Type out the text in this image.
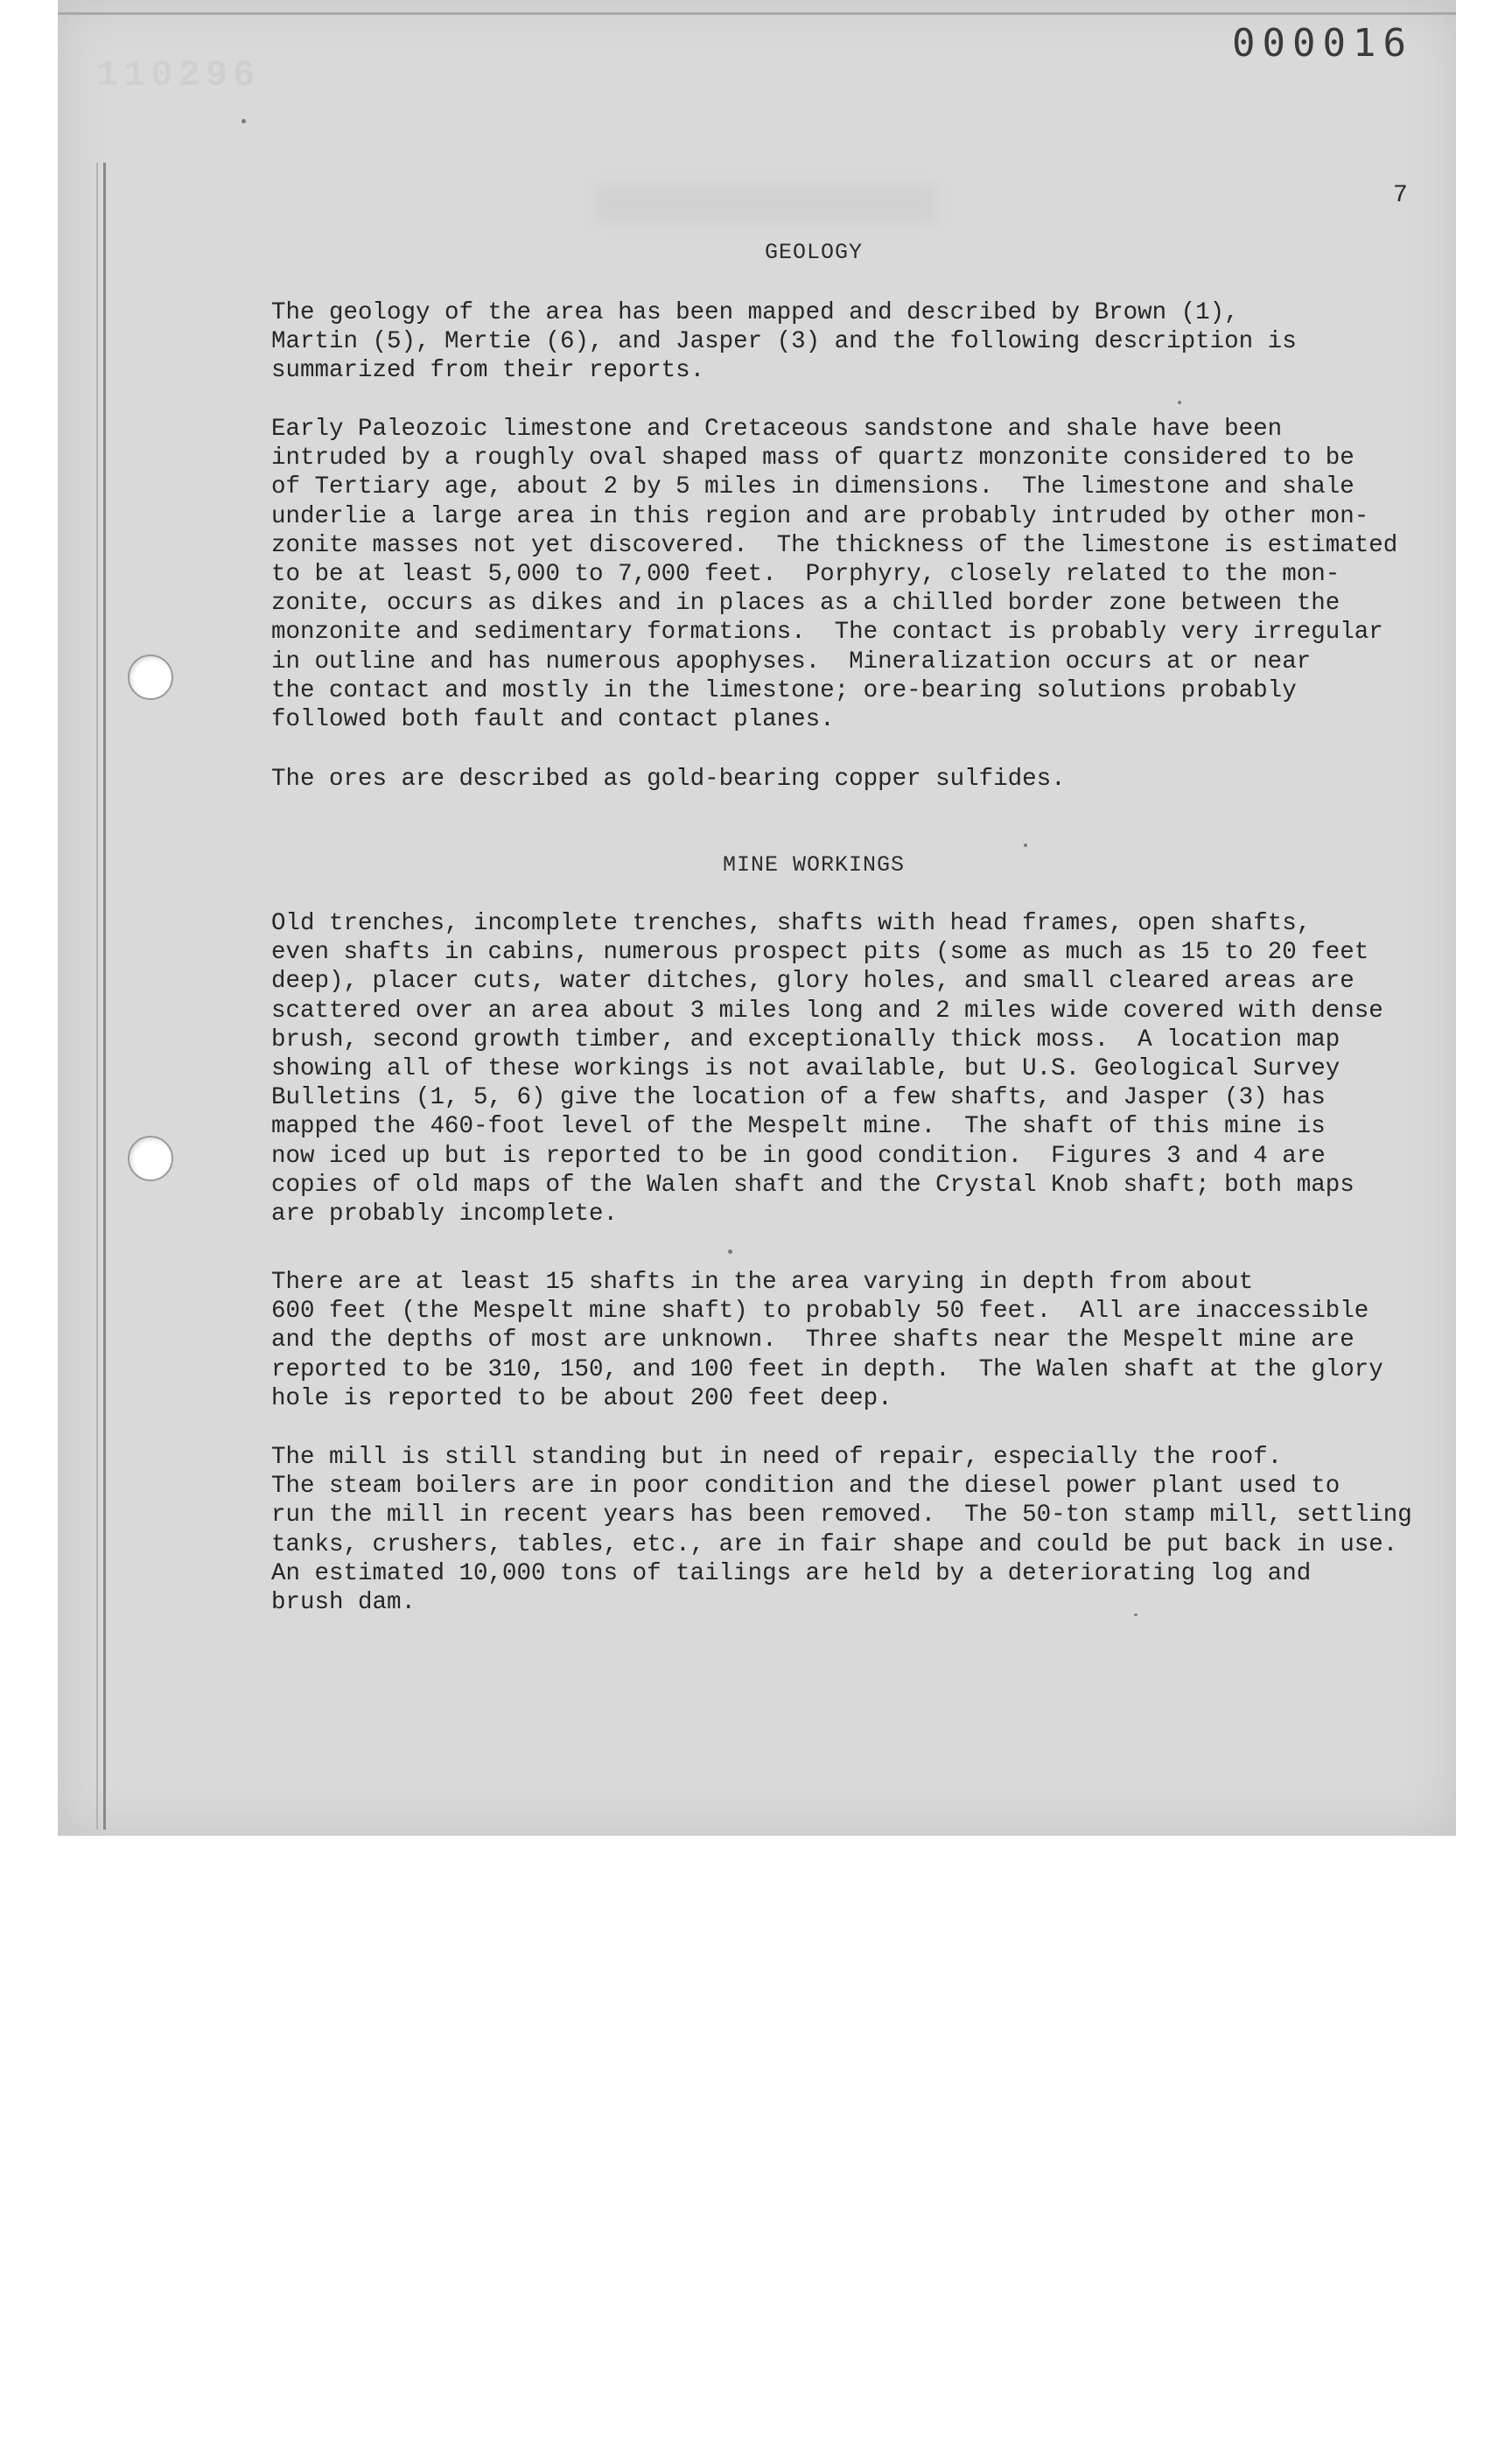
110296
000016
7
GEOLOGY
The geology of the area has been mapped and described by Brown (1),
Martin (5), Mertie (6), and Jasper (3) and the following description is
summarized from their reports.
Early Paleozoic limestone and Cretaceous sandstone and shale have been
intruded by a roughly oval shaped mass of quartz monzonite considered to be
of Tertiary age, about 2 by 5 miles in dimensions.  The limestone and shale
underlie a large area in this region and are probably intruded by other mon-
zonite masses not yet discovered.  The thickness of the limestone is estimated
to be at least 5,000 to 7,000 feet.  Porphyry, closely related to the mon-
zonite, occurs as dikes and in places as a chilled border zone between the
monzonite and sedimentary formations.  The contact is probably very irregular
in outline and has numerous apophyses.  Mineralization occurs at or near
the contact and mostly in the limestone; ore-bearing solutions probably
followed both fault and contact planes.
The ores are described as gold-bearing copper sulfides.
MINE WORKINGS
Old trenches, incomplete trenches, shafts with head frames, open shafts,
even shafts in cabins, numerous prospect pits (some as much as 15 to 20 feet
deep), placer cuts, water ditches, glory holes, and small cleared areas are
scattered over an area about 3 miles long and 2 miles wide covered with dense
brush, second growth timber, and exceptionally thick moss.  A location map
showing all of these workings is not available, but U.S. Geological Survey
Bulletins (1, 5, 6) give the location of a few shafts, and Jasper (3) has
mapped the 460-foot level of the Mespelt mine.  The shaft of this mine is
now iced up but is reported to be in good condition.  Figures 3 and 4 are
copies of old maps of the Walen shaft and the Crystal Knob shaft; both maps
are probably incomplete.
There are at least 15 shafts in the area varying in depth from about
600 feet (the Mespelt mine shaft) to probably 50 feet.  All are inaccessible
and the depths of most are unknown.  Three shafts near the Mespelt mine are
reported to be 310, 150, and 100 feet in depth.  The Walen shaft at the glory
hole is reported to be about 200 feet deep.
The mill is still standing but in need of repair, especially the roof.
The steam boilers are in poor condition and the diesel power plant used to
run the mill in recent years has been removed.  The 50-ton stamp mill, settling
tanks, crushers, tables, etc., are in fair shape and could be put back in use.
An estimated 10,000 tons of tailings are held by a deteriorating log and
brush dam.
